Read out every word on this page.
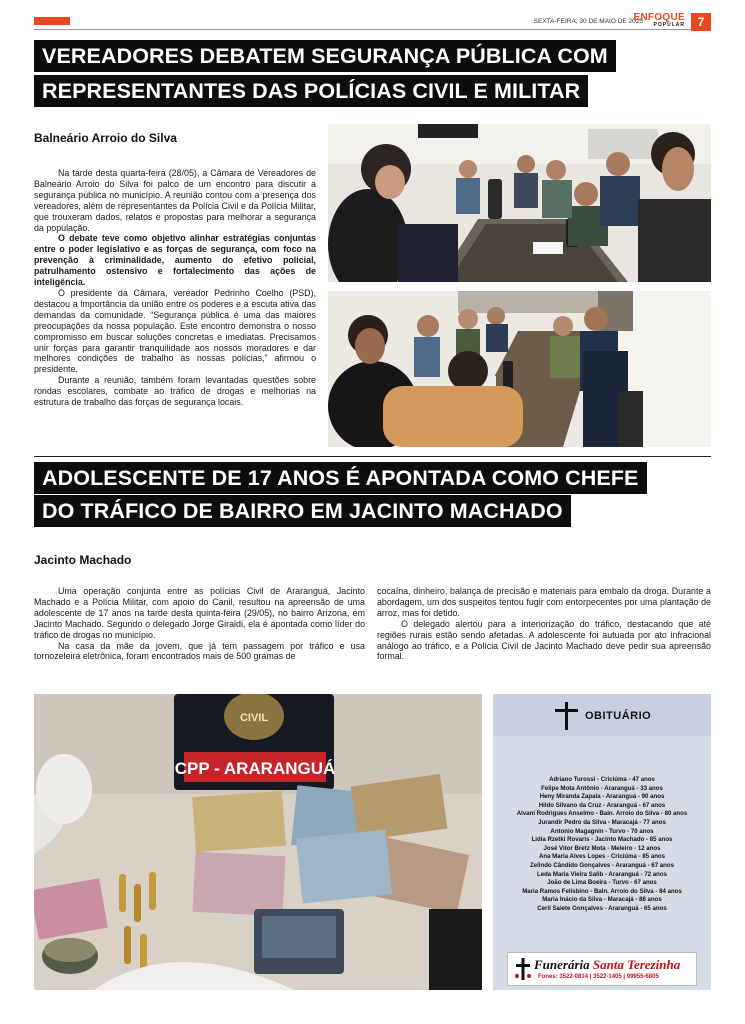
SEXTA-FEIRA, 30 DE MAIO DE 2025
ENFOQUE
POPULAR	7
VEREADORES DEBATEM SEGURANÇA PÚBLICA COM
REPRESENTANTES DAS POLÍCIAS CIVIL E MILITAR
Balneário Arroio do Silva

Na tarde desta quarta-feira (28/05), a Câmara de Vereadores de Balneário Arroio do Silva foi palco de um encontro para discutir a segurança pública no município. A reunião contou com a presença dos vereadores, além de representantes da Polícia Civil e da Polícia Militar, que trouxeram dados, relatos e propostas para melhorar a segurança da população.

O debate teve como objetivo alinhar estratégias conjuntas entre o poder legislativo e as forças de segurança, com foco na prevenção à criminalidade, aumento do efetivo policial, patrulhamento ostensivo e fortalecimento das ações de inteligência.

O presidente da Câmara, vereador Pedrinho Coelho (PSD), destacou a importância da união entre os poderes e a escuta ativa das demandas da comunidade. “Segurança pública é uma das maiores preocupações da nossa população. Este encontro demonstra o nosso compromisso em buscar soluções concretas e imediatas. Precisamos unir forças para garantir tranquilidade aos nossos moradores e dar melhores condições de trabalho às nossas polícias,” afirmou o presidente.

Durante a reunião, também foram levantadas questões sobre rondas escolares, combate ao tráfico de drogas e melhorias na estrutura de trabalho das forças de segurança locais.

ADOLESCENTE DE 17 ANOS É APONTADA COMO CHEFE
DO TRÁFICO DE BAIRRO EM JACINTO MACHADO
Jacinto Machado

Uma operação conjunta entre as polícias Civil de Araranguá, Jacinto Machado e a Polícia Militar, com apoio do Canil, resultou na apreensão de uma adolescente de 17 anos na tarde desta quinta-feira (29/05), no bairro Arizona, em Jacinto Machado. Segundo o delegado Jorge Giraldi, ela é apontada como líder do tráfico de drogas no município.

Na casa da mãe da jovem, que já tem passagem por tráfico e usa tornozeleira eletrônica, foram encontrados mais de 500 gramas de

cocaína, dinheiro, balança de precisão e materiais para embalo da droga. Durante a abordagem, um dos suspeitos tentou fugir com entorpecentes por uma plantação de arroz, mas foi detido.

O delegado alertou para a interiorização do tráfico, destacando que até regiões rurais estão sendo afetadas. A adolescente foi autuada por ato infracional análogo ao tráfico, e a Polícia Civil de Jacinto Machado deve pedir sua apreensão formal.

CIVIL
CPP - ARARANGUÁ
OBITUÁRIO
Adriano Turossi - Criciúma - 47 anos
Felipe Mota Antônio - Araranguá - 33 anos
Heny Miranda Zapala - Araranguá - 90 anos
Hildo Silvano da Cruz - Araranguá - 67 anos
Alvani Rodrigues Anselmo - Baln. Arroio do Silva - 80 anos
Jurandir Pedro da Silva - Maracajá - 77 anos
Antonio Magagnin - Turvo - 70 anos
Lidia Rzetki Rovaris - Jacinto Machado - 85 anos
José Vitor Bretz Mota - Meleiro - 12 anos
Ana Maria Alves Lopes - Criciúma - 85 anos
Zelindo Cândido Gonçalves - Araranguá - 67 anos
Leda Maria Vieira Salib - Araranguá - 72 anos
João de Lima Boeira - Turvo - 67 anos
Maria Ramos Felisbino - Baln. Arroio do Silva - 84 anos
Maria Inácio da Silva - Maracajá - 88 anos
Ceril Saiete Gonçalves - Araranguá - 65 anos
Funerária Santa Terezinha
Fones: 3522-0814 | 3522-1405 | 99955-6805
